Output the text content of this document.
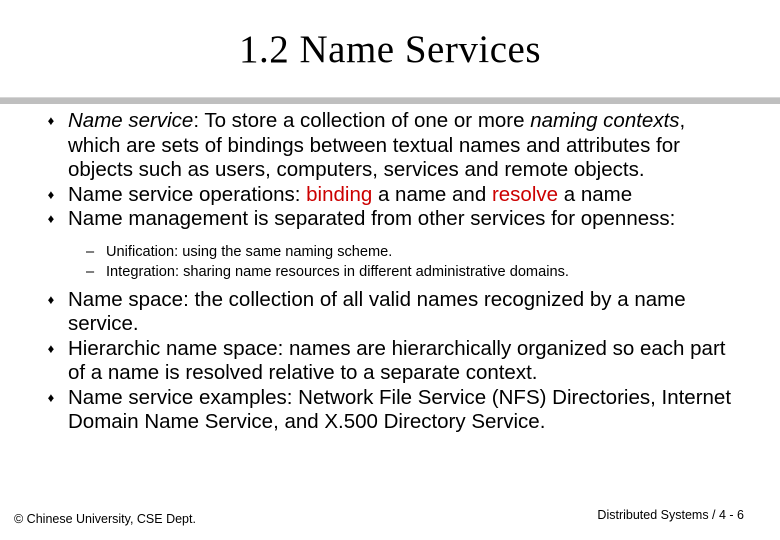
1.2 Name Services
♦ Name service: To store a collection of one or more naming contexts, which are sets of bindings between textual names and attributes for objects such as users, computers, services and remote objects.
♦ Name service operations: binding a name and resolve a name
♦ Name management is separated from other services for openness:
– Unification: using the same naming scheme.
– Integration: sharing name resources in different administrative domains.
♦ Name space: the collection of all valid names recognized by a name service.
♦ Hierarchic name space: names are hierarchically organized so each part of a name is resolved relative to a separate context.
♦ Name service examples: Network File Service (NFS) Directories, Internet Domain Name Service, and X.500 Directory Service.
© Chinese University, CSE Dept.	Distributed Systems / 4 - 6
